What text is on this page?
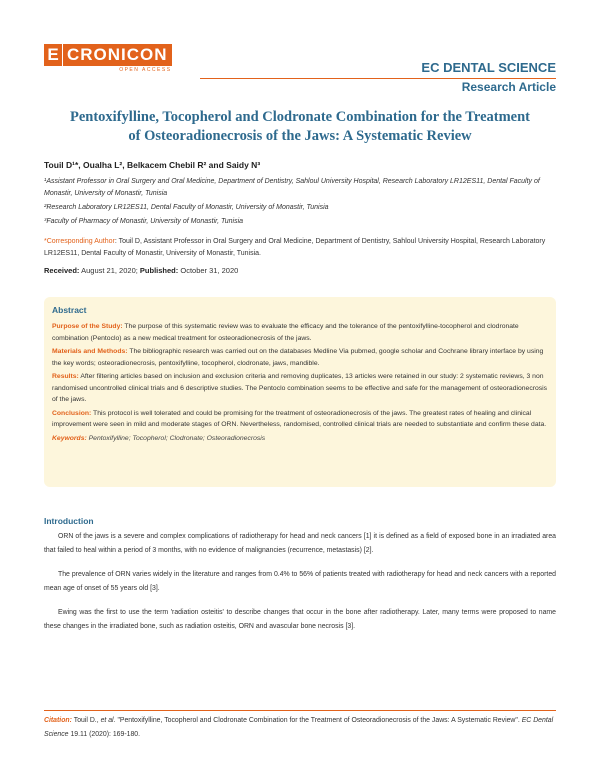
E CRONICON
OPEN ACCESS	EC DENTAL SCIENCE
Research Article
Pentoxifylline, Tocopherol and Clodronate Combination for the Treatment
of Osteoradionecrosis of the Jaws: A Systematic Review
Touil D¹*, Oualha L², Belkacem Chebil R² and Saidy N³
¹Assistant Professor in Oral Surgery and Oral Medicine, Department of Dentistry, Sahloul University Hospital, Research Laboratory LR12ES11, Dental Faculty of Monastir, University of Monastir, Tunisia
²Research Laboratory LR12ES11, Dental Faculty of Monastir, University of Monastir, Tunisia
³Faculty of Pharmacy of Monastir, University of Monastir, Tunisia
*Corresponding Author: Touil D, Assistant Professor in Oral Surgery and Oral Medicine, Department of Dentistry, Sahloul University Hospital, Research Laboratory LR12ES11, Dental Faculty of Monastir, University of Monastir, Tunisia.
Received: August 21, 2020; Published: October 31, 2020
Abstract

Purpose of the Study: The purpose of this systematic review was to evaluate the efficacy and the tolerance of the pentoxifylline-tocopherol and clodronate combination (Pentoclo) as a new medical treatment for osteoradionecrosis of the jaws.

Materials and Methods: The bibliographic research was carried out on the databases Medline Via pubmed, google scholar and Cochrane library interface by using the key words; osteoradionecrosis, pentoxifylline, tocopherol, clodronate, jaws, mandible.

Results: After filtering articles based on inclusion and exclusion criteria and removing duplicates, 13 articles were retained in our study: 2 systematic reviews, 3 non randomised uncontrolled clinical trials and 6 descriptive studies. The Pentoclo combination seems to be effective and safe for the management of osteoradionecrosis of the jaws.

Conclusion: This protocol is well tolerated and could be promising for the treatment of osteoradionecrosis of the jaws. The greatest rates of healing and clinical improvement were seen in mild and moderate stages of ORN. Nevertheless, randomised, controlled clinical trials are needed to substantiate and confirm these data.

Keywords: Pentoxifylline; Tocopherol; Clodronate; Osteoradionecrosis
Introduction
ORN of the jaws is a severe and complex complications of radiotherapy for head and neck cancers [1] it is defined as a field of exposed bone in an irradiated area that failed to heal within a period of 3 months, with no evidence of malignancies (recurrence, metastasis) [2].
The prevalence of ORN varies widely in the literature and ranges from 0.4% to 56% of patients treated with radiotherapy for head and neck cancers with a reported mean age of onset of 55 years old [3].
Ewing was the first to use the term 'radiation osteitis' to describe changes that occur in the bone after radiotherapy. Later, many terms were proposed to name these changes in the irradiated bone, such as radiation osteitis, ORN and avascular bone necrosis [3].
Citation: Touil D., et al. "Pentoxifylline, Tocopherol and Clodronate Combination for the Treatment of Osteoradionecrosis of the Jaws: A Systematic Review". EC Dental Science 19.11 (2020): 169-180.
